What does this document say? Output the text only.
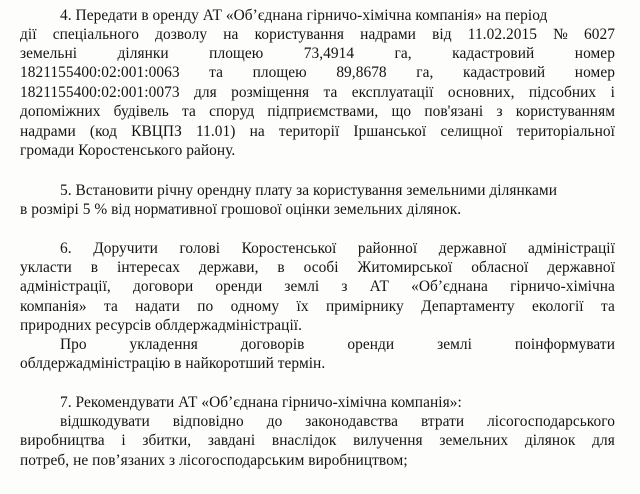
4. Передати в оренду АТ «Об’єднана гірничо-хімічна компанія» на період
дії спеціального дозволу на користування надрами від 11.02.2015 № 6027
земельні	ділянки	площею	73,4914	га,	кадастровий	номер
1821155400:02:001:0063 та площею 89,8678 га, кадастровий номер
1821155400:02:001:0073 для розміщення та експлуатації основних, підсобних і
допоміжних будівель та споруд підприємствами, що пов'язані з користуванням
надрами (код КВЦПЗ 11.01) на території Іршанської селищної територіальної
громади Коростенського району.
5. Встановити річну орендну плату за користування земельними ділянками
в розмірі 5 % від нормативної грошової оцінки земельних ділянок.
6. Доручити голові Коростенської районної державної адміністрації
укласти в інтересах держави, в особі Житомирської обласної державної
адміністрації, договори оренди землі з АТ «Об’єднана гірничо-хімічна
компанія» та надати по одному їх примірнику Департаменту екології та
природних ресурсів облдержадміністрації.
Про	укладення	договорів	оренди	землі	поінформувати
облдержадміністрацію в найкоротший термін.
7. Рекомендувати АТ «Об’єднана гірничо-хімічна компанія»:
відшкодувати відповідно до законодавства втрати лісогосподарського
виробництва і збитки, завдані внаслідок вилучення земельних ділянок для
потреб, не пов’язаних з лісогосподарським виробництвом;
